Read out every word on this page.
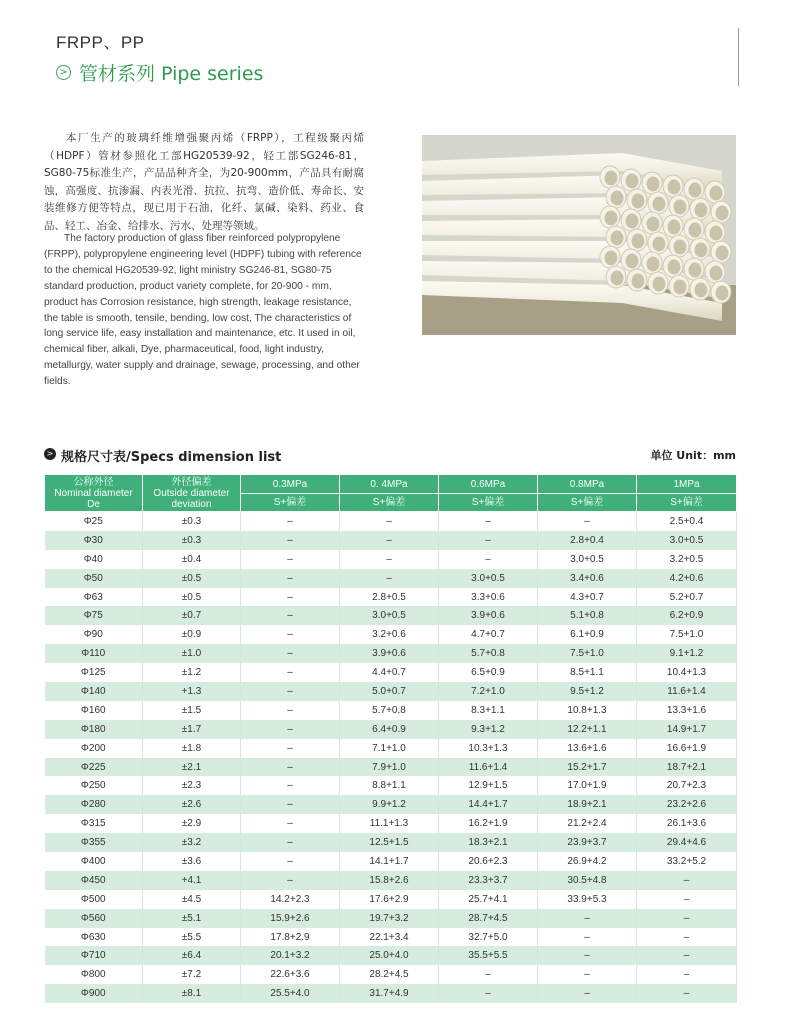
FRPP、PP
> 管材系列 Pipe series
本厂生产的玻璃纤维增强聚丙烯（FRPP），工程级聚丙烯（HDPF）管材参照化工部HG20539-92，轻工部SG246-81，SG80-75标准生产，产品品种齐全，为20-900mm，产品具有耐腐蚀，高强度、抗渗漏、内表光滑、抗拉、抗弯、造价低、寿命长、安装维修方便等特点，现已用于石油，化纤、氯碱、染料、药业、食品、轻工、冶金、给排水、污水、处理等领域。
The factory production of glass fiber reinforced polypropylene (FRPP), polypropylene engineering level (HDPF) tubing with reference to the chemical HG20539-92, light ministry SG246-81, SG80-75 standard production, product variety complete, for 20-900 - mm, product has Corrosion resistance, high strength, leakage resistance, the table is smooth, tensile, bending, low cost, The characteristics of long service life, easy installation and maintenance, etc. It used in oil, chemical fiber, alkali, Dye, pharmaceutical, food, light industry, metallurgy, water supply and drainage, sewage, processing, and other fields.
> 规格尺寸表/Specs dimension list	单位 Unit：mm
公称外径
Nominal diameter
De	外径偏差
Outside diameter
deviation	0.3MPa	0. 4MPa	0.6MPa	0.8MPa	1MPa
		S+偏差	S+偏差	S+偏差	S+偏差	S+偏差
Φ25	±0.3	–	–	–	–	2.5+0.4
Φ30	±0.3	–	–	–	2.8+0.4	3.0+0.5
Φ40	±0.4	–	–	–	3.0+0.5	3.2+0.5
Φ50	±0.5	–	–	3.0+0.5	3.4+0.6	4.2+0.6
Φ63	±0.5	–	2.8+0.5	3.3+0.6	4.3+0.7	5.2+0.7
Φ75	±0.7	–	3.0+0.5	3.9+0.6	5.1+0.8	6.2+0.9
Φ90	±0.9	–	3.2+0.6	4.7+0.7	6.1+0.9	7.5+1.0
Φ110	±1.0	–	3.9+0.6	5.7+0.8	7.5+1.0	9.1+1.2
Φ125	±1.2	–	4.4+0.7	6.5+0.9	8.5+1.1	10.4+1.3
Φ140	+1.3	–	5.0+0.7	7.2+1.0	9.5+1.2	11.6+1.4
Φ160	±1.5	–	5.7+0.8	8.3+1.1	10.8+1.3	13.3+1.6
Φ180	±1.7	–	6.4+0.9	9.3+1.2	12.2+1.1	14.9+1.7
Φ200	±1.8	–	7.1+1.0	10.3+1.3	13.6+1.6	16.6+1.9
Φ225	±2.1	–	7.9+1.0	11.6+1.4	15.2+1.7	18.7+2.1
Φ250	±2.3	–	8.8+1.1	12.9+1.5	17.0+1.9	20.7+2.3
Φ280	±2.6	–	9.9+1.2	14.4+1.7	18.9+2.1	23.2+2.6
Φ315	±2.9	–	11.1+1.3	16.2+1.9	21.2+2.4	26.1+3.6
Φ355	±3.2	–	12.5+1.5	18.3+2.1	23.9+3.7	29.4+4.6
Φ400	±3.6	–	14.1+1.7	20.6+2.3	26.9+4.2	33.2+5.2
Φ450	+4.1	–	15.8+2.6	23.3+3.7	30.5+4.8	–
Φ500	±4.5	14.2+2.3	17.6+2.9	25.7+4.1	33.9+5.3	–
Φ560	±5.1	15.9+2.6	19.7+3.2	28.7+4.5	–	–
Φ630	±5.5	17.8+2.9	22.1+3.4	32.7+5.0	–	–
Φ710	±6.4	20.1+3.2	25.0+4.0	35.5+5.5	–	–
Φ800	±7.2	22.6+3.6	28.2+4.5	–	–	–
Φ900	±8.1	25.5+4.0	31.7+4.9	–	–	–
